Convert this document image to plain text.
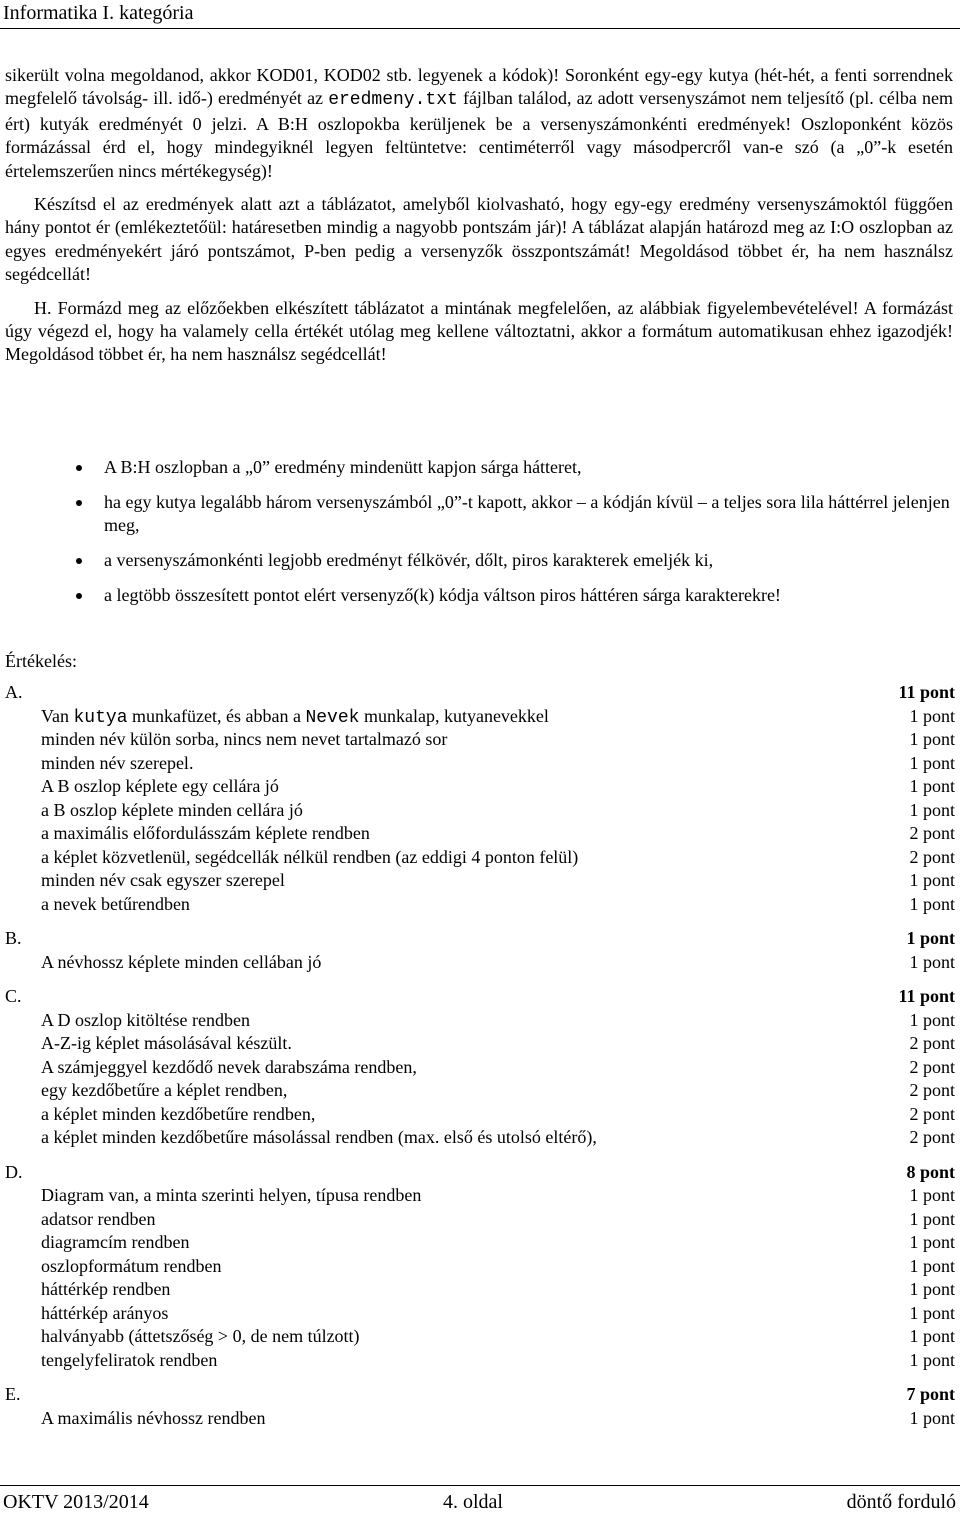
Informatika I. kategória

sikerült volna megoldanod, akkor KOD01, KOD02 stb. legyenek a kódok)! Soronként egy-egy kutya (hét-hét, a fenti sorrendnek megfelelő távolság- ill. idő-) eredményét az eredmeny.txt fájlban találod, az adott versenyszámot nem teljesítő (pl. célba nem ért) kutyák eredményét 0 jelzi. A B:H oszlopokba kerüljenek be a versenyszámonkénti eredmények! Oszloponként közös formázással érd el, hogy mindegyiknél legyen feltüntetve: centiméterről vagy másodpercről van-e szó (a „0”-k esetén értelemszerűen nincs mértékegység)!

Készítsd el az eredmények alatt azt a táblázatot, amelyből kiolvasható, hogy egy-egy eredmény versenyszámoktól függően hány pontot ér (emlékeztetőül: határesetben mindig a nagyobb pontszám jár)! A táblázat alapján határozd meg az I:O oszlopban az egyes eredményekért járó pontszámot, P-ben pedig a versenyzők összpontszámát! Megoldásod többet ér, ha nem használsz segédcellát!

H. Formázd meg az előzőekben elkészített táblázatot a mintának megfelelően, az alábbiak figyelembevételével! A formázást úgy végezd el, hogy ha valamely cella értékét utólag meg kellene változtatni, akkor a formátum automatikusan ehhez igazodjék! Megoldásod többet ér, ha nem használsz segédcellát!

A B:H oszlopban a „0” eredmény mindenütt kapjon sárga hátteret,
ha egy kutya legalább három versenyszámból „0”-t kapott, akkor – a kódján kívül – a teljes sora lila háttérrel jelenjen meg,
a versenyszámonkénti legjobb eredményt félkövér, dőlt, piros karakterek emeljék ki,
a legtöbb összesített pontot elért versenyző(k) kódja váltson piros háttéren sárga karakterekre!
Értékelés:
A.	11 pont
Van kutya munkafüzet, és abban a Nevek munkalap, kutyanevekkel	1 pont
minden név külön sorba, nincs nem nevet tartalmazó sor	1 pont
minden név szerepel.	1 pont
A B oszlop képlete egy cellára jó	1 pont
a B oszlop képlete minden cellára jó	1 pont
a maximális előfordulásszám képlete rendben	2 pont
a képlet közvetlenül, segédcellák nélkül rendben (az eddigi 4 ponton felül)	2 pont
minden név csak egyszer szerepel	1 pont
a nevek betűrendben	1 pont
B.	1 pont
A névhossz képlete minden cellában jó	1 pont
C.	11 pont
A D oszlop kitöltése rendben	1 pont
A-Z-ig képlet másolásával készült.	2 pont
A számjeggyel kezdődő nevek darabszáma rendben,	2 pont
egy kezdőbetűre a képlet rendben,	2 pont
a képlet minden kezdőbetűre rendben,	2 pont
a képlet minden kezdőbetűre másolással rendben (max. első és utolsó eltérő),	2 pont
D.	8 pont
Diagram van, a minta szerinti helyen, típusa rendben	1 pont
adatsor rendben	1 pont
diagramcím rendben	1 pont
oszlopformátum rendben	1 pont
háttérkép rendben	1 pont
háttérkép arányos	1 pont
halványabb (áttetszőség > 0, de nem túlzott)	1 pont
tengelyfeliratok rendben	1 pont
E.	7 pont
A maximális névhossz rendben	1 pont
OKTV 2013/2014	4. oldal	döntő forduló
